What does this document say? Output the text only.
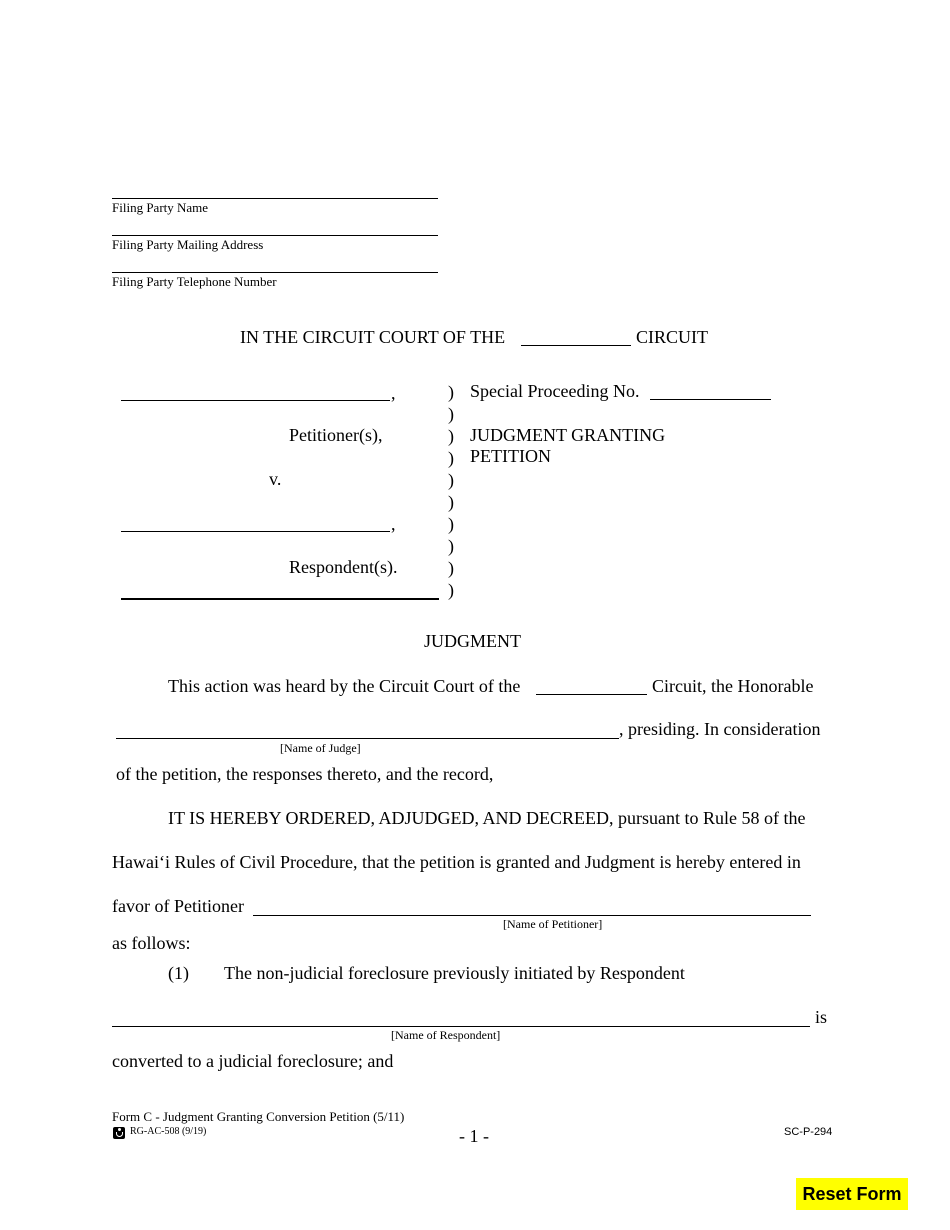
Filing Party Name
Filing Party Mailing Address
Filing Party Telephone Number
IN THE CIRCUIT COURT OF THE	CIRCUIT
,
Petitioner(s),
v.
,
Respondent(s).
)
)
)
)
)
)
)
)
)
)
Special Proceeding No.
JUDGMENT GRANTING
PETITION
JUDGMENT
This action was heard by the Circuit Court of the	Circuit, the Honorable
, presiding. In consideration
[Name of Judge]
of the petition, the responses thereto, and the record,
IT IS HEREBY ORDERED, ADJUDGED, AND DECREED, pursuant to Rule 58 of the
Hawai‘i Rules of Civil Procedure, that the petition is granted and Judgment is hereby entered in
favor of Petitioner
[Name of Petitioner]
as follows:
(1) The non-judicial foreclosure previously initiated by Respondent
is
[Name of Respondent]
converted to a judicial foreclosure; and
Form C - Judgment Granting Conversion Petition (5/11)
RG-AC-508 (9/19)	- 1 -	SC-P-294
Reset Form
